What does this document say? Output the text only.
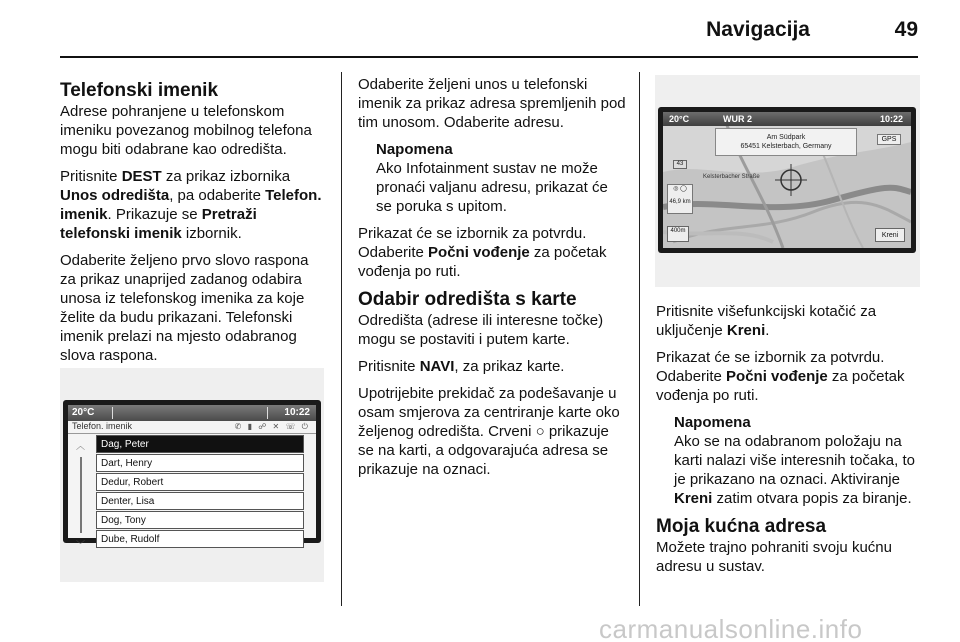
Navigacija	49
Telefonski imenik

Adrese pohranjene u telefonskom imeniku povezanog mobilnog telefona mogu biti odabrane kao odredišta.

Pritisnite DEST za prikaz izbornika Unos odredišta, pa odaberite Telefon. imenik. Prikazuje se Pretraži telefonski imenik izbornik.

Odaberite željeno prvo slovo raspona za prikaz unaprijed zadanog odabira unosa iz telefonskog imenika za koje želite da budu prikazani. Telefonski imenik prelazi na mjesto odabranog slova raspona.

20°C	10:22
Telefon. imenik	✆ ▮ ☍ ✕ ☏ ⏻
︿
﹀
Dag, Peter
Dart, Henry
Dedur, Robert
Denter, Lisa
Dog, Tony
Dube, Rudolf

Odaberite željeni unos u telefonski imenik za prikaz adresa spremljenih pod tim unosom. Odaberite adresu.

Napomena
Ako Infotainment sustav ne može pronaći valjanu adresu, prikazat će se poruka s upitom.

Prikazat će se izbornik za potvrdu. Odaberite Počni vođenje za početak vođenja po ruti.

Odabir odredišta s karte

Odredišta (adrese ili interesne točke) mogu se postaviti i putem karte.

Pritisnite NAVI, za prikaz karte.

Upotrijebite prekidač za podešavanje u osam smjerova za centriranje karte oko željenog odredišta. Crveni ○ prikazuje se na karti, a odgovarajuća adresa se prikazuje na oznaci.

20°C	WUR 2	10:22
Am Südpark
65451 Kelsterbach, Germany
GPS
43
Kelsterbacher Straße
◎ ◯
46,9 km
400m
Kreni

Pritisnite višefunkcijski kotačić za uključenje Kreni.

Prikazat će se izbornik za potvrdu. Odaberite Počni vođenje za početak vođenja po ruti.

Napomena
Ako se na odabranom položaju na karti nalazi više interesnih točaka, to je prikazano na oznaci. Aktiviranje Kreni zatim otvara popis za biranje.
Moja kućna adresa

Možete trajno pohraniti svoju kućnu adresu u sustav.

carmanualsonline.info
